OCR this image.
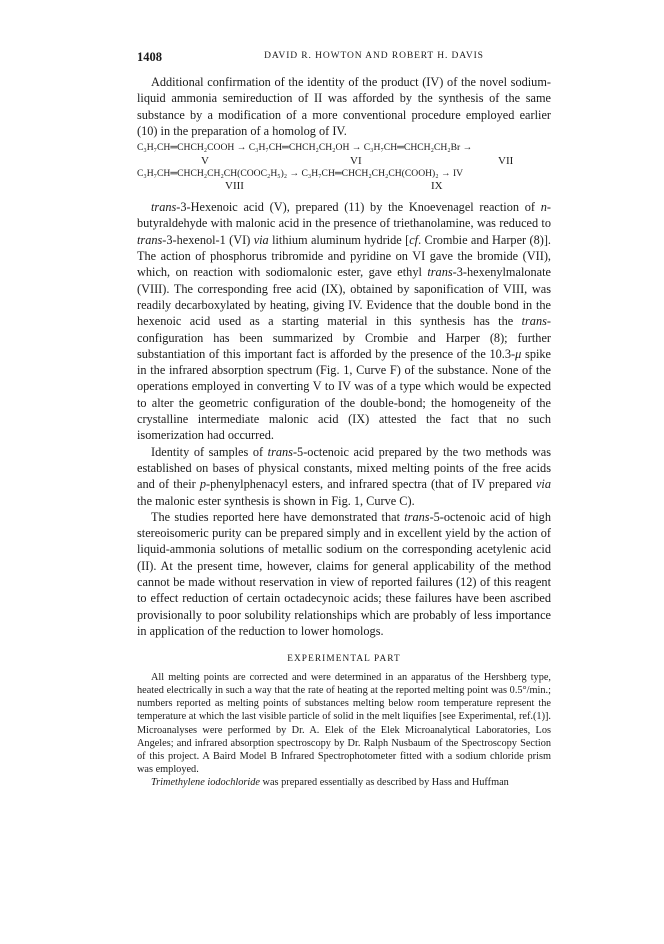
1408	DAVID R. HOWTON AND ROBERT H. DAVIS

Additional confirmation of the identity of the product (IV) of the novel sodium-liquid ammonia semireduction of II was afforded by the synthesis of the same substance by a modification of a more conventional procedure employed earlier (10) in the preparation of a homolog of IV.

C₃H₇CH═CHCH₂COOH → C₃H₇CH═CHCH₂CH₂OH → C₃H₇CH═CHCH₂CH₂Br →
V	VI	VII
C₃H₇CH═CHCH₂CH₂CH(COOC₂H₅)₂ → C₃H₇CH═CHCH₂CH₂CH(COOH)₂ → IV
VIII	IX

trans-3-Hexenoic acid (V), prepared (11) by the Knoevenagel reaction of n-butyraldehyde with malonic acid in the presence of triethanolamine, was reduced to trans-3-hexenol-1 (VI) via lithium aluminum hydride [cf. Crombie and Harper (8)]. The action of phosphorus tribromide and pyridine on VI gave the bromide (VII), which, on reaction with sodiomalonic ester, gave ethyl trans-3-hexenylmalonate (VIII). The corresponding free acid (IX), obtained by saponification of VIII, was readily decarboxylated by heating, giving IV. Evidence that the double bond in the hexenoic acid used as a starting material in this synthesis has the trans-configuration has been summarized by Crombie and Harper (8); further substantiation of this important fact is afforded by the presence of the 10.3-μ spike in the infrared absorption spectrum (Fig. 1, Curve F) of the substance. None of the operations employed in converting V to IV was of a type which would be expected to alter the geometric configuration of the double-bond; the homogeneity of the crystalline intermediate malonic acid (IX) attested the fact that no such isomerization had occurred.

Identity of samples of trans-5-octenoic acid prepared by the two methods was established on bases of physical constants, mixed melting points of the free acids and of their p-phenylphenacyl esters, and infrared spectra (that of IV prepared via the malonic ester synthesis is shown in Fig. 1, Curve C).

The studies reported here have demonstrated that trans-5-octenoic acid of high stereoisomeric purity can be prepared simply and in excellent yield by the action of liquid-ammonia solutions of metallic sodium on the corresponding acetylenic acid (II). At the present time, however, claims for general applicability of the method cannot be made without reservation in view of reported failures (12) of this reagent to effect reduction of certain octadecynoic acids; these failures have been ascribed provisionally to poor solubility relationships which are probably of less importance in application of the reduction to lower homologs.

EXPERIMENTAL PART

All melting points are corrected and were determined in an apparatus of the Hershberg type, heated electrically in such a way that the rate of heating at the reported melting point was 0.5°/min.; numbers reported as melting points of substances melting below room temperature represent the temperature at which the last visible particle of solid in the melt liquifies [see Experimental, ref.(1)]. Microanalyses were performed by Dr. A. Elek of the Elek Microanalytical Laboratories, Los Angeles; and infrared absorption spectroscopy by Dr. Ralph Nusbaum of the Spectroscopy Section of this project. A Baird Model B Infrared Spectrophotometer fitted with a sodium chloride prism was employed.

Trimethylene iodochloride was prepared essentially as described by Hass and Huffman
